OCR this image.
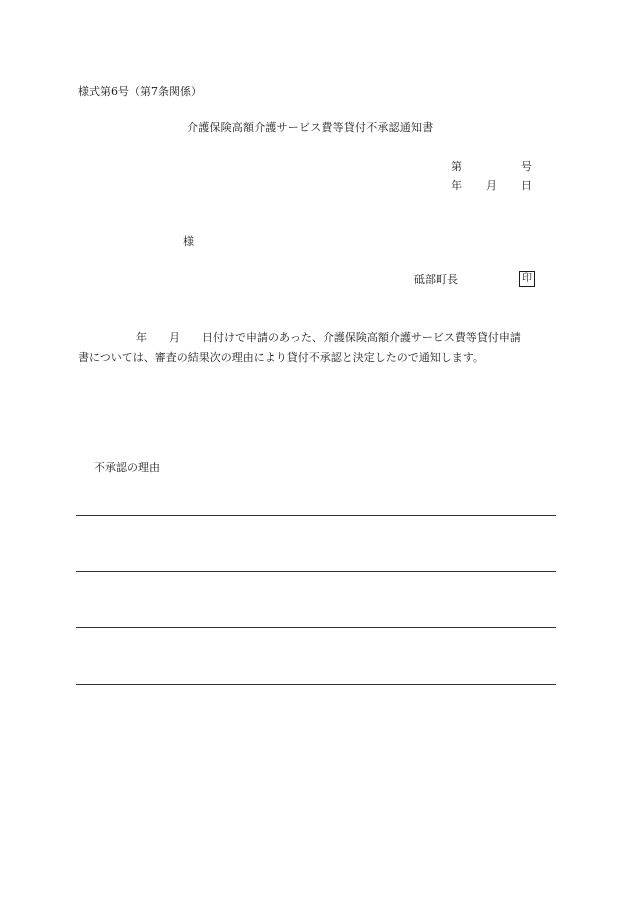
様式第6号（第7条関係）
介護保険高額介護サービス費等貸付不承認通知書
第	号
年 月 日
様
砥部町長	印
年 月 日付けで申請のあった、介護保険高額介護サービス費等貸付申請
書については、審査の結果次の理由により貸付不承認と決定したので通知します。
不承認の理由
